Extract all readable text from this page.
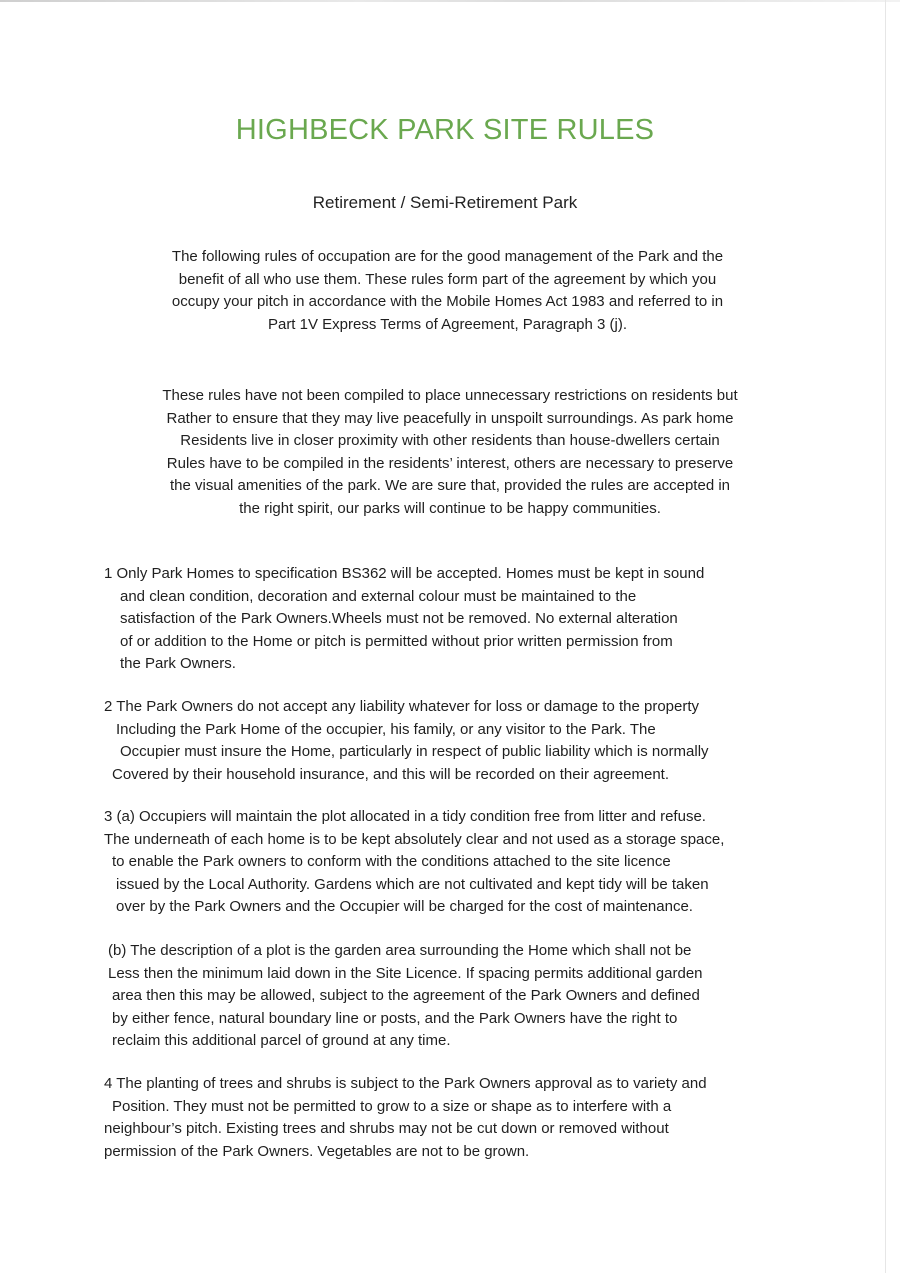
HIGHBECK PARK SITE RULES
Retirement / Semi-Retirement Park
The following rules of occupation are for the good management of the Park and the
benefit of all who use them. These rules form part of the agreement by which you
occupy your pitch in accordance with the Mobile Homes Act 1983 and referred to in
Part 1V Express Terms of Agreement, Paragraph 3 (j).
These rules have not been compiled to place unnecessary restrictions on residents but
Rather to ensure that they may live peacefully in unspoilt surroundings. As park home
Residents live in closer proximity with other residents than house-dwellers certain
Rules have to be compiled in the residents’ interest, others are necessary to preserve
the visual amenities of the park. We are sure that, provided the rules are accepted in
the right spirit, our parks will continue to be happy communities.
1 Only Park Homes to specification BS362 will be accepted. Homes must be kept in sound
and clean condition, decoration and external colour must be maintained to the
satisfaction of the Park Owners.Wheels must not be removed. No external alteration
of or addition to the Home or pitch is permitted without prior written permission from
the Park Owners.
2 The Park Owners do not accept any liability whatever for loss or damage to the property
Including the Park Home of the occupier, his family, or any visitor to the Park. The
Occupier must insure the Home, particularly in respect of public liability which is normally
Covered by their household insurance, and this will be recorded on their agreement.
3 (a) Occupiers will maintain the plot allocated in a tidy condition free from litter and refuse.
The underneath of each home is to be kept absolutely clear and not used as a storage space,
to enable the Park owners to conform with the conditions attached to the site licence
issued by the Local Authority. Gardens which are not cultivated and kept tidy will be taken
over by the Park Owners and the Occupier will be charged for the cost of maintenance.
(b) The description of a plot is the garden area surrounding the Home which shall not be
Less then the minimum laid down in the Site Licence. If spacing permits additional garden
area then this may be allowed, subject to the agreement of the Park Owners and defined
by either fence, natural boundary line or posts, and the Park Owners have the right to
reclaim this additional parcel of ground at any time.
4 The planting of trees and shrubs is subject to the Park Owners approval as to variety and
Position. They must not be permitted to grow to a size or shape as to interfere with a
neighbour’s pitch. Existing trees and shrubs may not be cut down or removed without
permission of the Park Owners. Vegetables are not to be grown.
